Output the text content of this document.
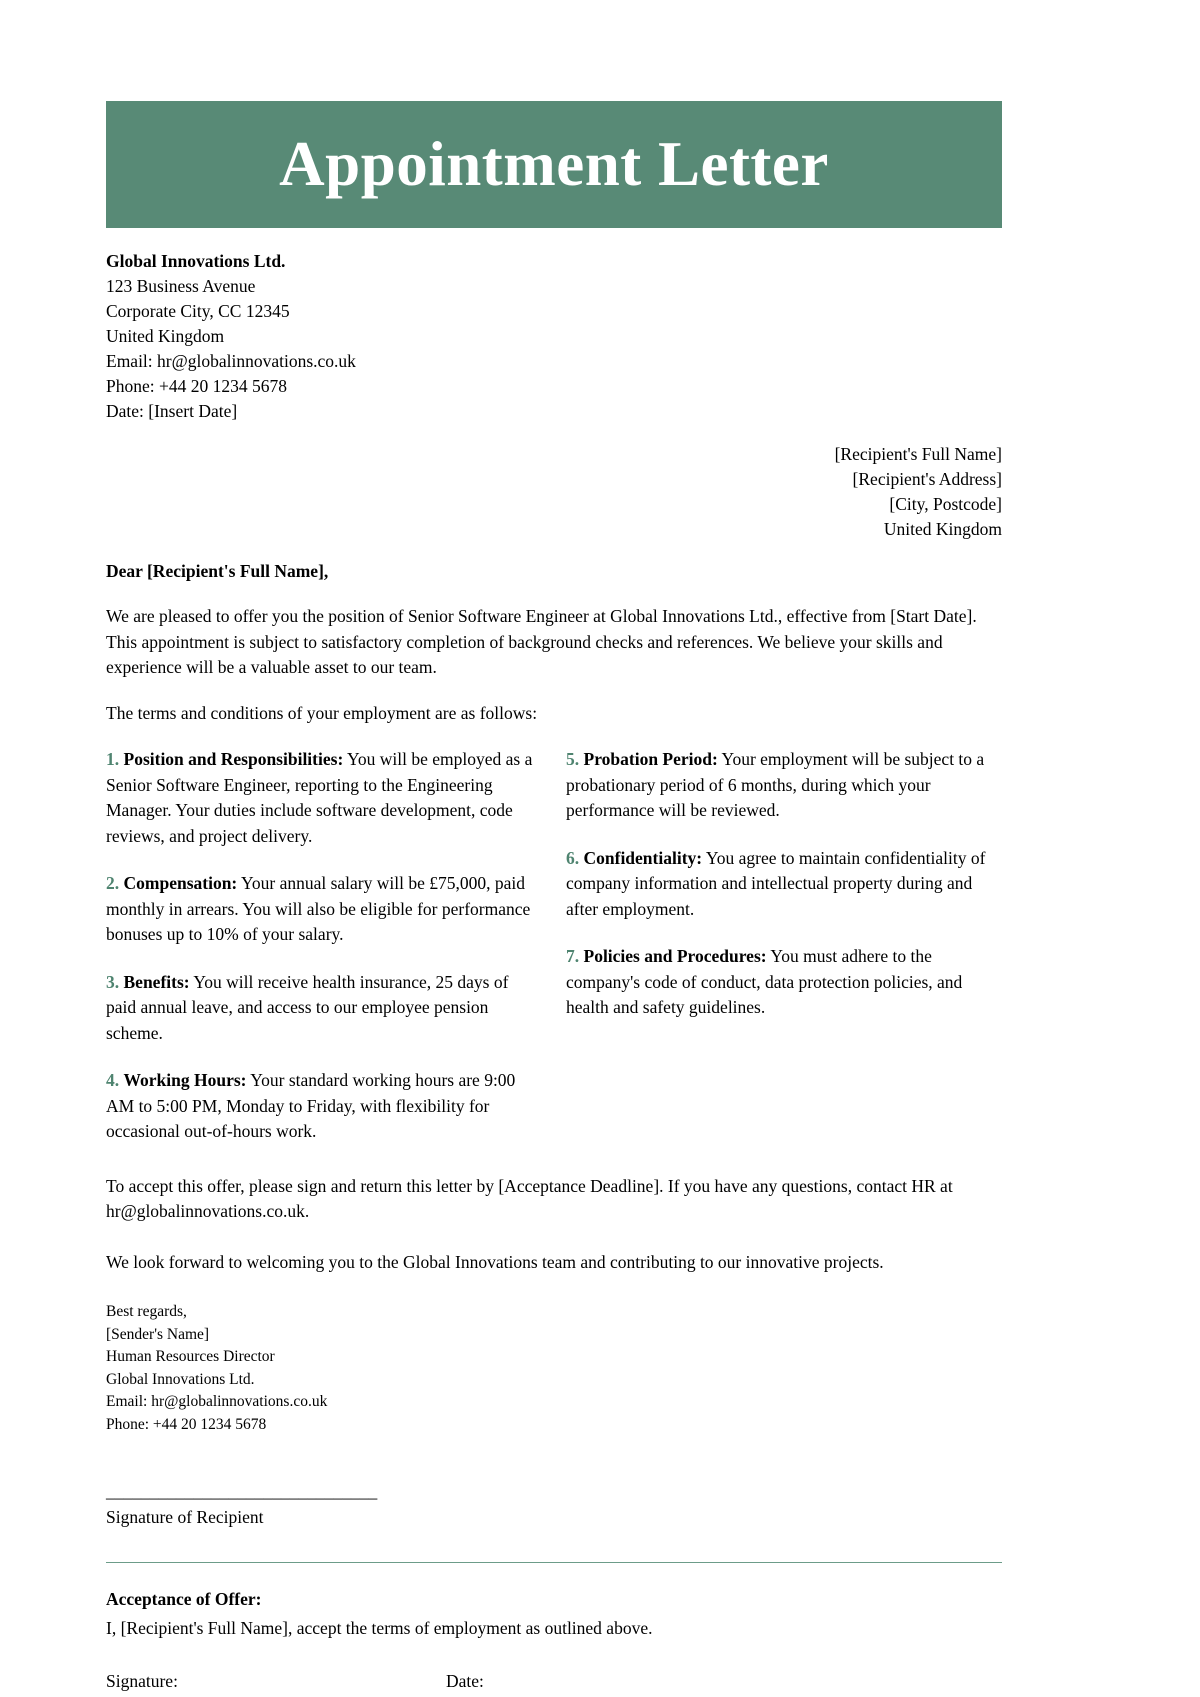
Appointment Letter
Global Innovations Ltd.
123 Business Avenue
Corporate City, CC 12345
United Kingdom
Email: hr@globalinnovations.co.uk
Phone: +44 20 1234 5678
Date: [Insert Date]
[Recipient's Full Name]
[Recipient's Address]
[City, Postcode]
United Kingdom
Dear [Recipient's Full Name],
We are pleased to offer you the position of Senior Software Engineer at Global Innovations Ltd., effective from [Start Date]. This appointment is subject to satisfactory completion of background checks and references. We believe your skills and experience will be a valuable asset to our team.
The terms and conditions of your employment are as follows:
1. Position and Responsibilities: You will be employed as a Senior Software Engineer, reporting to the Engineering Manager. Your duties include software development, code reviews, and project delivery.
2. Compensation: Your annual salary will be £75,000, paid monthly in arrears. You will also be eligible for performance bonuses up to 10% of your salary.
3. Benefits: You will receive health insurance, 25 days of paid annual leave, and access to our employee pension scheme.
4. Working Hours: Your standard working hours are 9:00 AM to 5:00 PM, Monday to Friday, with flexibility for occasional out-of-hours work.
5. Probation Period: Your employment will be subject to a probationary period of 6 months, during which your performance will be reviewed.
6. Confidentiality: You agree to maintain confidentiality of company information and intellectual property during and after employment.
7. Policies and Procedures: You must adhere to the company's code of conduct, data protection policies, and health and safety guidelines.
To accept this offer, please sign and return this letter by [Acceptance Deadline]. If you have any questions, contact HR at hr@globalinnovations.co.uk.
We look forward to welcoming you to the Global Innovations team and contributing to our innovative projects.
Best regards,
[Sender's Name]
Human Resources Director
Global Innovations Ltd.
Email: hr@globalinnovations.co.uk
Phone: +44 20 1234 5678
_______________________________
Signature of Recipient
Acceptance of Offer:
I, [Recipient's Full Name], accept the terms of employment as outlined above.
Signature:	Date:
